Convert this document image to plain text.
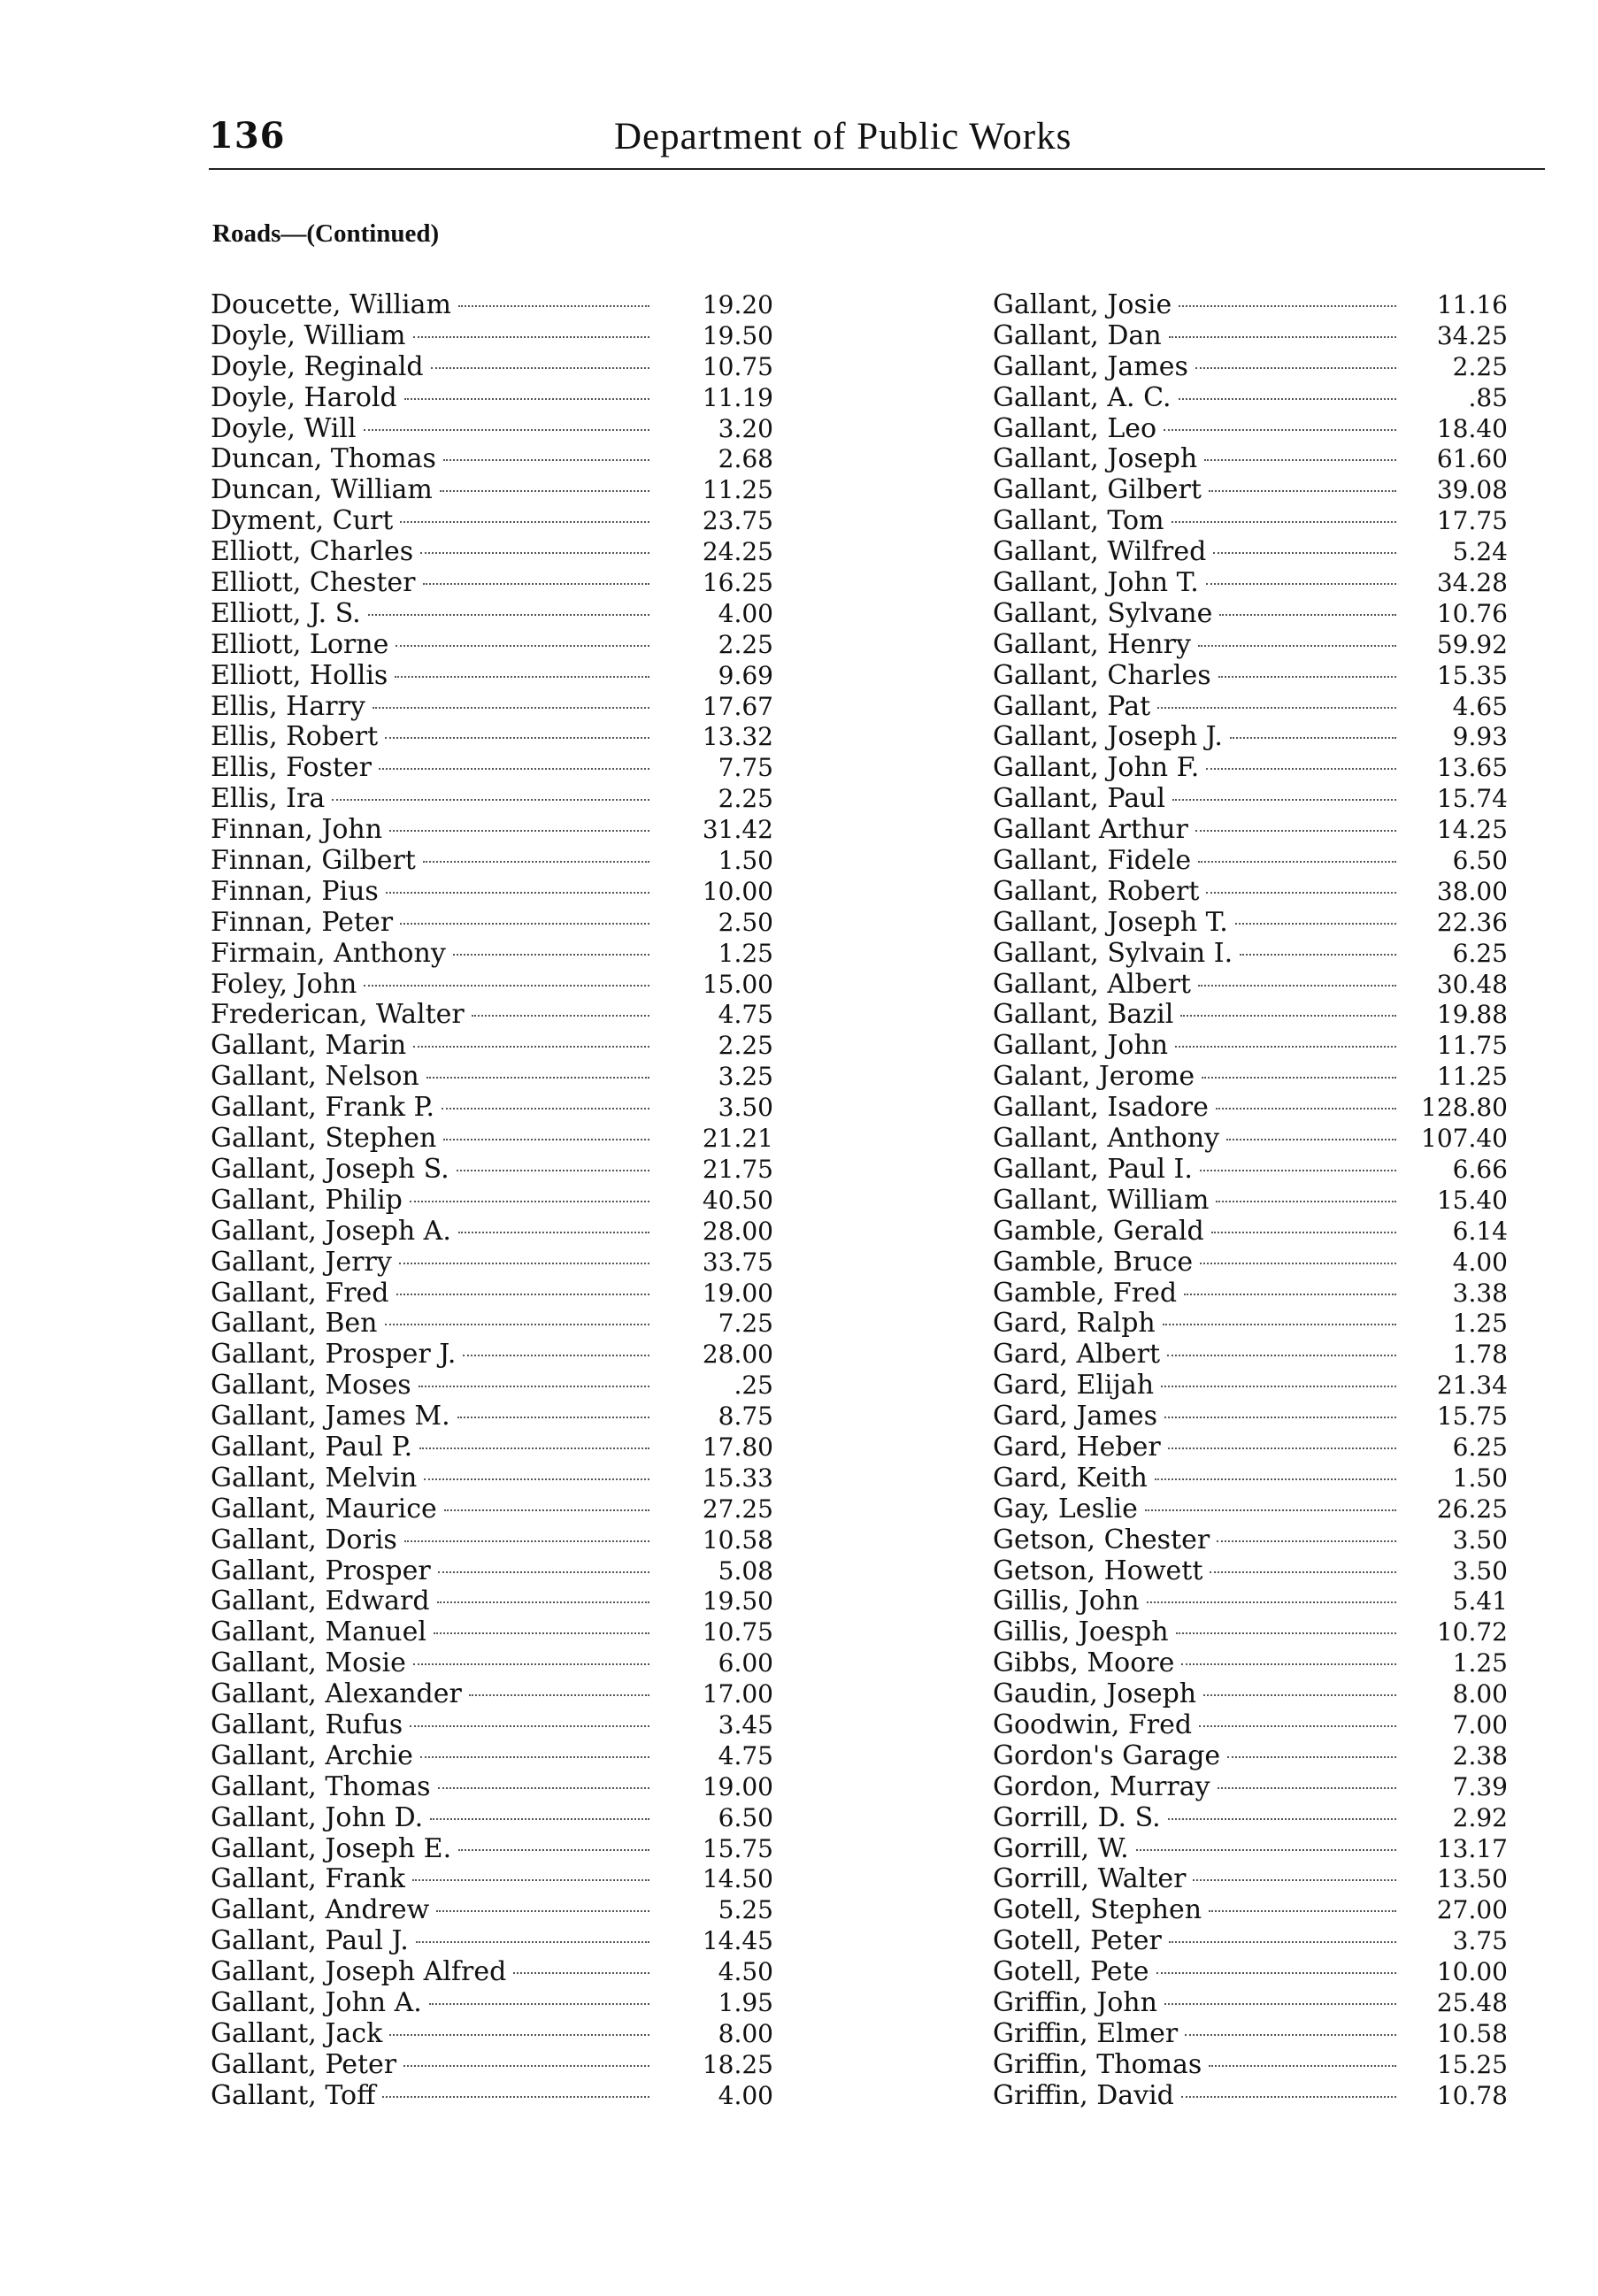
136	Department of Public Works
Roads—(Continued)
Doucette, William	19.20
Doyle, William	19.50
Doyle, Reginald	10.75
Doyle, Harold	11.19
Doyle, Will	3.20
Duncan, Thomas	2.68
Duncan, William	11.25
Dyment, Curt	23.75
Elliott, Charles	24.25
Elliott, Chester	16.25
Elliott, J. S.	4.00
Elliott, Lorne	2.25
Elliott, Hollis	9.69
Ellis, Harry	17.67
Ellis, Robert	13.32
Ellis, Foster	7.75
Ellis, Ira	2.25
Finnan, John	31.42
Finnan, Gilbert	1.50
Finnan, Pius	10.00
Finnan, Peter	2.50
Firmain, Anthony	1.25
Foley, John	15.00
Frederican, Walter	4.75
Gallant, Marin	2.25
Gallant, Nelson	3.25
Gallant, Frank P.	3.50
Gallant, Stephen	21.21
Gallant, Joseph S.	21.75
Gallant, Philip	40.50
Gallant, Joseph A.	28.00
Gallant, Jerry	33.75
Gallant, Fred	19.00
Gallant, Ben	7.25
Gallant, Prosper J.	28.00
Gallant, Moses	.25
Gallant, James M.	8.75
Gallant, Paul P.	17.80
Gallant, Melvin	15.33
Gallant, Maurice	27.25
Gallant, Doris	10.58
Gallant, Prosper	5.08
Gallant, Edward	19.50
Gallant, Manuel	10.75
Gallant, Mosie	6.00
Gallant, Alexander	17.00
Gallant, Rufus	3.45
Gallant, Archie	4.75
Gallant, Thomas	19.00
Gallant, John D.	6.50
Gallant, Joseph E.	15.75
Gallant, Frank	14.50
Gallant, Andrew	5.25
Gallant, Paul J.	14.45
Gallant, Joseph Alfred	4.50
Gallant, John A.	1.95
Gallant, Jack	8.00
Gallant, Peter	18.25
Gallant, Toff	4.00
Gallant, Josie	11.16
Gallant, Dan	34.25
Gallant, James	2.25
Gallant, A. C.	.85
Gallant, Leo	18.40
Gallant, Joseph	61.60
Gallant, Gilbert	39.08
Gallant, Tom	17.75
Gallant, Wilfred	5.24
Gallant, John T.	34.28
Gallant, Sylvane	10.76
Gallant, Henry	59.92
Gallant, Charles	15.35
Gallant, Pat	4.65
Gallant, Joseph J.	9.93
Gallant, John F.	13.65
Gallant, Paul	15.74
Gallant Arthur	14.25
Gallant, Fidele	6.50
Gallant, Robert	38.00
Gallant, Joseph T.	22.36
Gallant, Sylvain I.	6.25
Gallant, Albert	30.48
Gallant, Bazil	19.88
Gallant, John	11.75
Galant, Jerome	11.25
Gallant, Isadore	128.80
Gallant, Anthony	107.40
Gallant, Paul I.	6.66
Gallant, William	15.40
Gamble, Gerald	6.14
Gamble, Bruce	4.00
Gamble, Fred	3.38
Gard, Ralph	1.25
Gard, Albert	1.78
Gard, Elijah	21.34
Gard, James	15.75
Gard, Heber	6.25
Gard, Keith	1.50
Gay, Leslie	26.25
Getson, Chester	3.50
Getson, Howett	3.50
Gillis, John	5.41
Gillis, Joesph	10.72
Gibbs, Moore	1.25
Gaudin, Joseph	8.00
Goodwin, Fred	7.00
Gordon's Garage	2.38
Gordon, Murray	7.39
Gorrill, D. S.	2.92
Gorrill, W.	13.17
Gorrill, Walter	13.50
Gotell, Stephen	27.00
Gotell, Peter	3.75
Gotell, Pete	10.00
Griffin, John	25.48
Griffin, Elmer	10.58
Griffin, Thomas	15.25
Griffin, David	10.78
